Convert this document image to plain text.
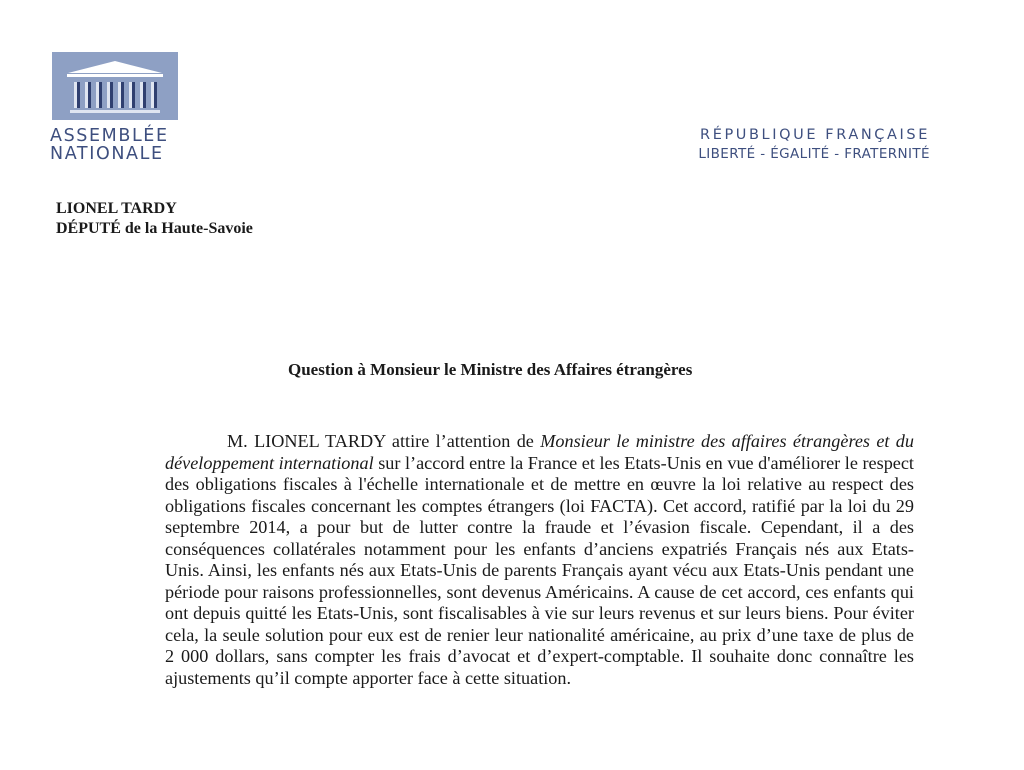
ASSEMBLÉE
NATIONALE
RÉPUBLIQUE FRANÇAISE
LIBERTÉ - ÉGALITÉ - FRATERNITÉ
LIONEL TARDY
DÉPUTÉ de la Haute-Savoie
Question à Monsieur le Ministre des Affaires étrangères

M. LIONEL TARDY attire l’attention de Monsieur le ministre des affaires étrangères et du développement international sur l’accord entre la France et les Etats-Unis en vue d'améliorer le respect des obligations fiscales à l'échelle internationale et de mettre en œuvre la loi relative au respect des obligations fiscales concernant les comptes étrangers (loi FACTA). Cet accord, ratifié par la loi du 29 septembre 2014, a pour but de lutter contre la fraude et l’évasion fiscale. Cependant, il a des conséquences collatérales notamment pour les enfants d’anciens expatriés Français nés aux Etats-Unis. Ainsi, les enfants nés aux Etats-Unis de parents Français ayant vécu aux Etats-Unis pendant une période pour raisons professionnelles, sont devenus Américains. A cause de cet accord, ces enfants qui ont depuis quitté les Etats-Unis, sont fiscalisables à vie sur leurs revenus et sur leurs biens. Pour éviter cela, la seule solution pour eux est de renier leur nationalité américaine, au prix d’une taxe de plus de 2 000 dollars, sans compter les frais d’avocat et d’expert-comptable. Il souhaite donc connaître les ajustements qu’il compte apporter face à cette situation.
